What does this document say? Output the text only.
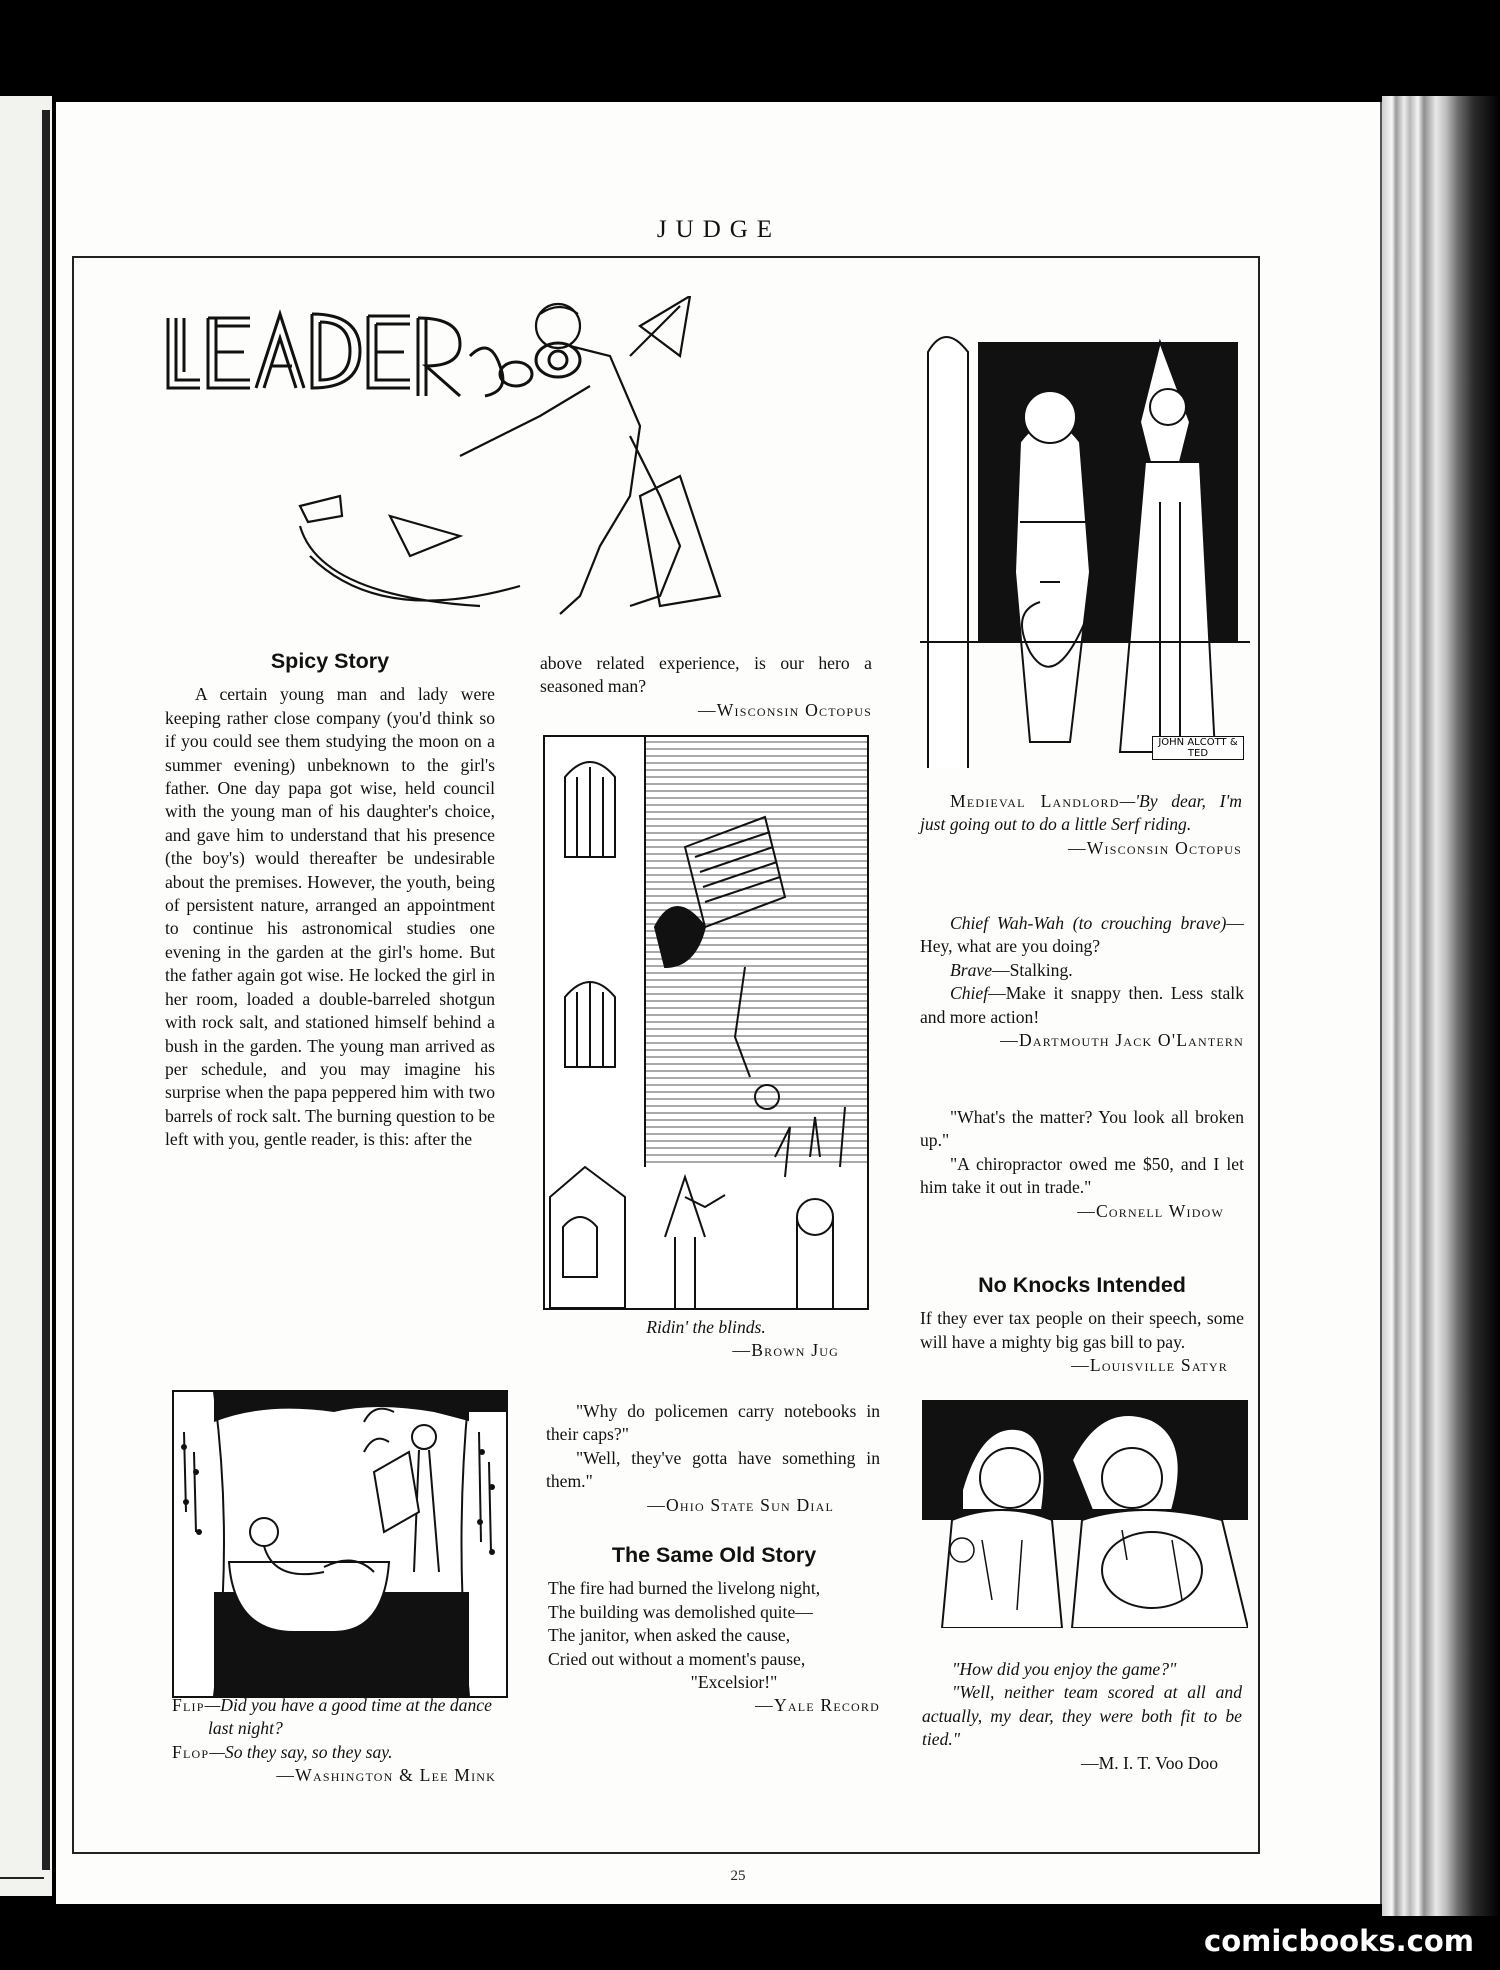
JUDGE
Spicy Story

A certain young man and lady were keeping rather close company (you'd think so if you could see them studying the moon on a summer evening) unbeknown to the girl's father. One day papa got wise, held council with the young man of his daughter's choice, and gave him to understand that his presence (the boy's) would thereafter be undesirable about the premises. However, the youth, being of persistent nature, arranged an appointment to continue his astronomical studies one evening in the garden at the girl's home. But the father again got wise. He locked the girl in her room, loaded a double-barreled shotgun with rock salt, and stationed himself behind a bush in the garden. The young man arrived as per schedule, and you may imagine his surprise when the papa peppered him with two barrels of rock salt. The burning question to be left with you, gentle reader, is this: after the

above related experience, is our hero a seasoned man?

—Wisconsin Octopus

Ridin' the blinds.

—Brown Jug

JOHN ALCOTT & TED

Medieval Landlord—'By dear, I'm just going out to do a little Serf riding.

—Wisconsin Octopus

Chief Wah-Wah (to crouching brave)—Hey, what are you doing?

Brave—Stalking.

Chief—Make it snappy then. Less stalk and more action!

—Dartmouth Jack O'Lantern

"What's the matter? You look all broken up."

"A chiropractor owed me $50, and I let him take it out in trade."

—Cornell Widow

No Knocks Intended

If they ever tax people on their speech, some will have a mighty big gas bill to pay.

—Louisville Satyr

"How did you enjoy the game?"

"Well, neither team scored at all and actually, my dear, they were both fit to be tied."

—M. I. T. Voo Doo

Flip—Did you have a good time at the dance last night?

Flop—So they say, so they say.

—Washington & Lee Mink

"Why do policemen carry notebooks in their caps?"

"Well, they've gotta have something in them."

—Ohio State Sun Dial

The Same Old Story

The fire had burned the livelong night,

The building was demolished quite—

The janitor, when asked the cause,

Cried out without a moment's pause,

"Excelsior!"

—Yale Record

25
comicbooks.com
